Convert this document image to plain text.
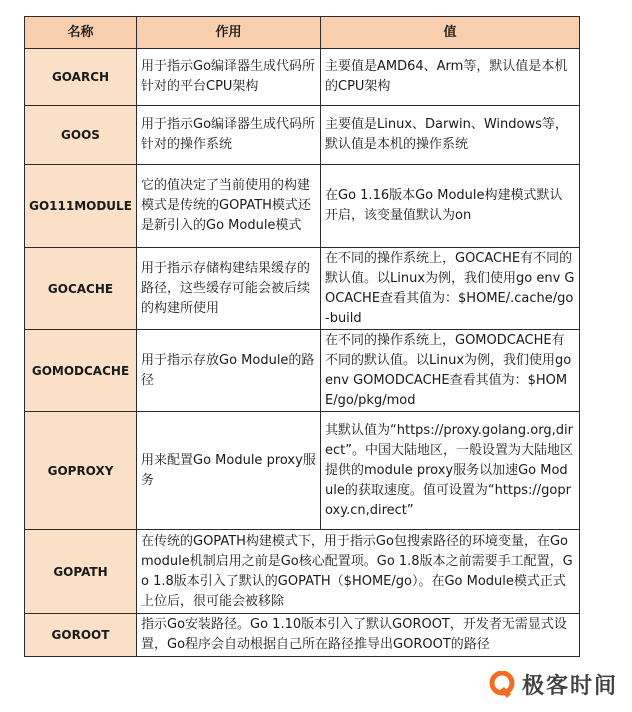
名称	作用	值
GOARCH	用于指示Go编译器生成代码所针对的平台CPU架构	主要值是AMD64、Arm等，默认值是本机的CPU架构
GOOS	用于指示Go编译器生成代码所针对的操作系统	主要值是Linux、Darwin、Windows等，默认值是本机的操作系统
GO111MODULE	它的值决定了当前使用的构建模式是传统的GOPATH模式还是新引入的Go Module模式	在Go 1.16版本Go Module构建模式默认开启，该变量值默认为on
GOCACHE	用于指示存储构建结果缓存的路径，这些缓存可能会被后续的构建所使用	在不同的操作系统上，GOCACHE有不同的默认值。以Linux为例，我们使用go env GOCACHE查看其值为：$HOME/.cache/go-build
GOMODCACHE	用于指示存放Go Module的路径	在不同的操作系统上，GOMODCACHE有不同的默认值。以Linux为例，我们使用go env GOMODCACHE查看其值为：$HOME/go/pkg/mod
GOPROXY	用来配置Go Module proxy服务	其默认值为“https://proxy.golang.org,direct”。中国大陆地区，一般设置为大陆地区提供的module proxy服务以加速Go Module的获取速度。值可设置为“https://goproxy.cn,direct”
GOPATH	在传统的GOPATH构建模式下，用于指示Go包搜索路径的环境变量，在Go module机制启用之前是Go核心配置项。Go 1.8版本之前需要手工配置，Go 1.8版本引入了默认的GOPATH（$HOME/go）。在Go Module模式正式上位后，很可能会被移除	
GOROOT	指示Go安装路径。Go 1.10版本引入了默认GOROOT，开发者无需显式设置，Go程序会自动根据自己所在路径推导出GOROOT的路径	
极客时间
